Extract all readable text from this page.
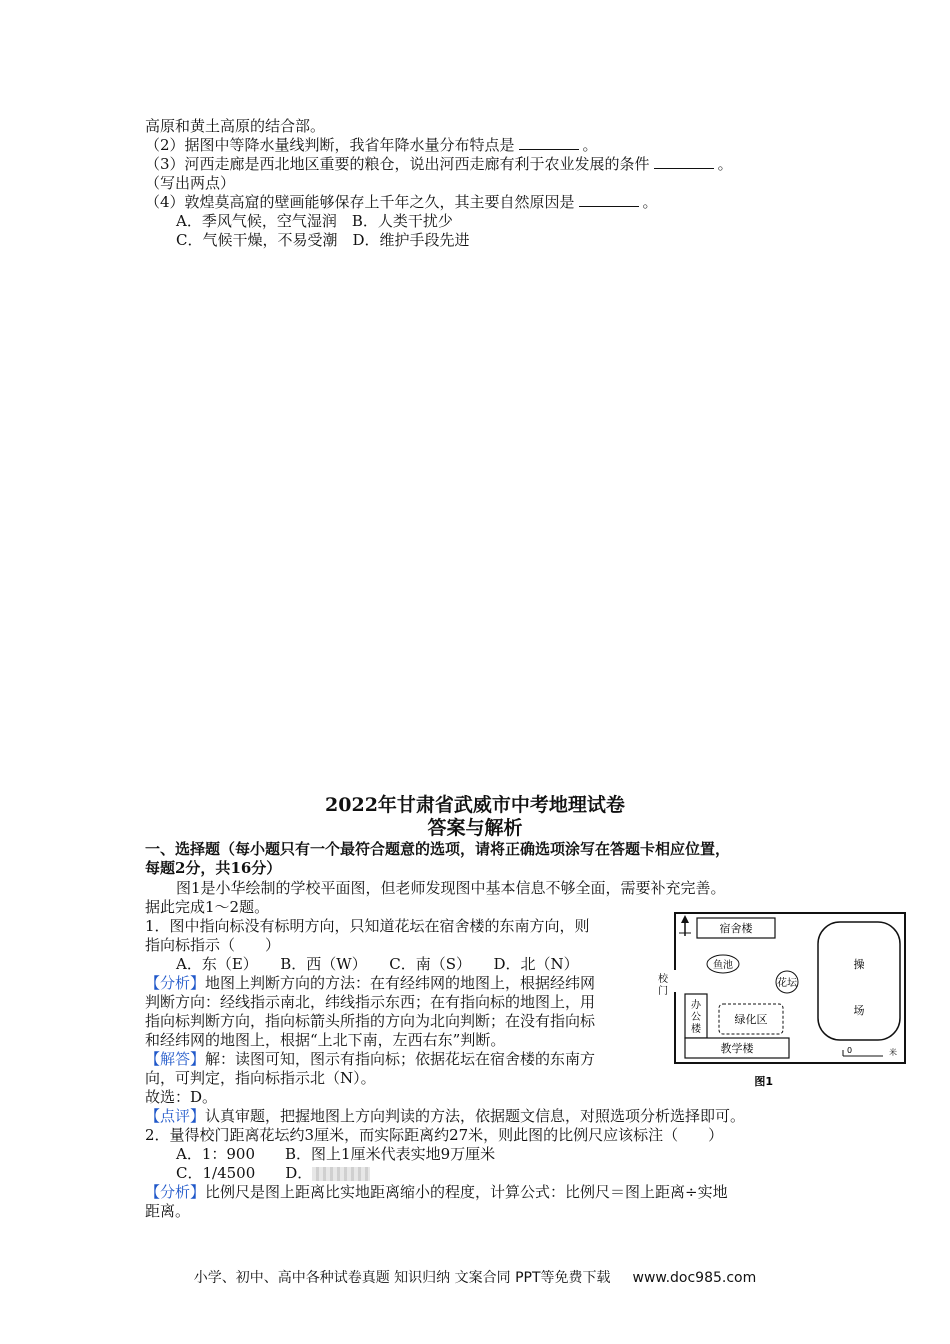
高原和黄土高原的结合部。
（2）据图中等降水量线判断，我省年降水量分布特点是	。
（3）河西走廊是西北地区重要的粮仓，说出河西走廊有利于农业发展的条件	。
（写出两点）
（4）敦煌莫高窟的壁画能够保存上千年之久，其主要自然原因是	。
A．季风气候，空气湿润　B．人类干扰少
C．气候干燥，不易受潮　D．维护手段先进
2022年甘肃省武威市中考地理试卷
答案与解析
一、选择题（每小题只有一个最符合题意的选项，请将正确选项涂写在答题卡相应位置，
每题2分，共16分）
图1是小华绘制的学校平面图，但老师发现图中基本信息不够全面，需要补充完善。
据此完成1～2题。
1．图中指向标没有标明方向，只知道花坛在宿舍楼的东南方向，则
指向标指示（　　）
A．东（E）　　B．西（W）　　C．南（S）　　D．北（N）
【分析】地图上判断方向的方法：在有经纬网的地图上，根据经纬网
判断方向：经线指示南北，纬线指示东西；在有指向标的地图上，用
指向标判断方向，指向标箭头所指的方向为北向判断；在没有指向标
和经纬网的地图上，根据“上北下南，左西右东”判断。
【解答】解：读图可知，图示有指向标；依据花坛在宿舍楼的东南方
向，可判定，指向标指示北（N）。
故选：D。
【点评】认真审题，把握地图上方向判读的方法，依据题文信息，对照选项分析选择即可。
2．量得校门距离花坛约3厘米，而实际距离约27米，则此图的比例尺应该标注（　　）
A．1：900　　B．图上1厘米代表实地9万厘米
C．1/4500　　D．
【分析】比例尺是图上距离比实地距离缩小的程度，计算公式：比例尺＝图上距离÷实地
距离。
宿舍楼
鱼池
花坛
办
公
楼
绿化区
教学楼
操
场
校
门
0	米
图1
小学、初中、高中各种试卷真题 知识归纳 文案合同 PPT等免费下载 www.doc985.com
